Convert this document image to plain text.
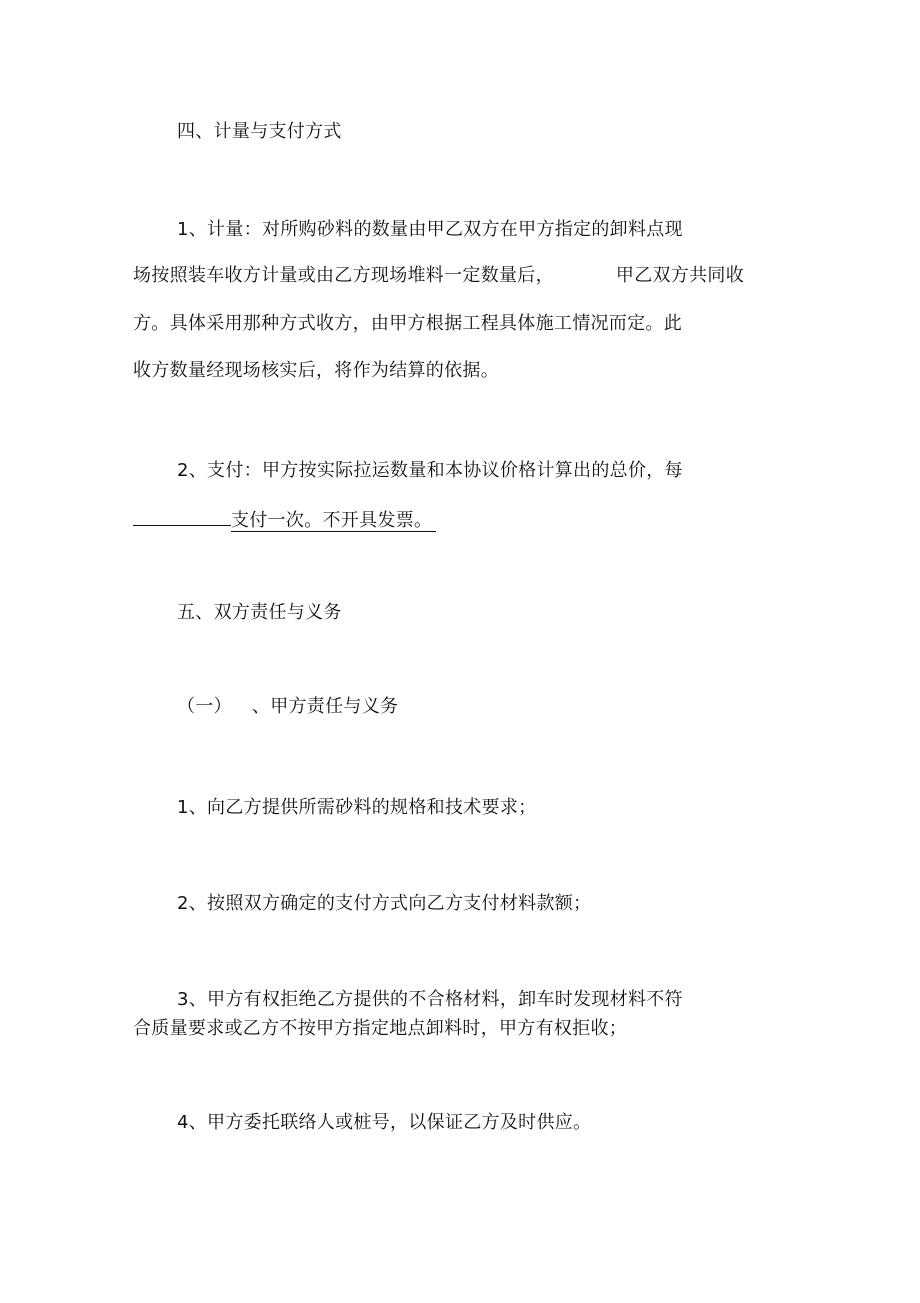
四、计量与支付方式
1、计量：对所购砂料的数量由甲乙双方在甲方指定的卸料点现
场按照装车收方计量或由乙方现场堆料一定数量后，	甲乙双方共同收
方。具体采用那种方式收方，由甲方根据工程具体施工情况而定。此
收方数量经现场核实后，将作为结算的依据。
2、支付：甲方按实际拉运数量和本协议价格计算出的总价，每
支付一次。不开具发票。
五、双方责任与义务
（一） 、甲方责任与义务
1、向乙方提供所需砂料的规格和技术要求；
2、按照双方确定的支付方式向乙方支付材料款额；
3、甲方有权拒绝乙方提供的不合格材料，卸车时发现材料不符
合质量要求或乙方不按甲方指定地点卸料时，甲方有权拒收；
4、甲方委托联络人或桩号，以保证乙方及时供应。
